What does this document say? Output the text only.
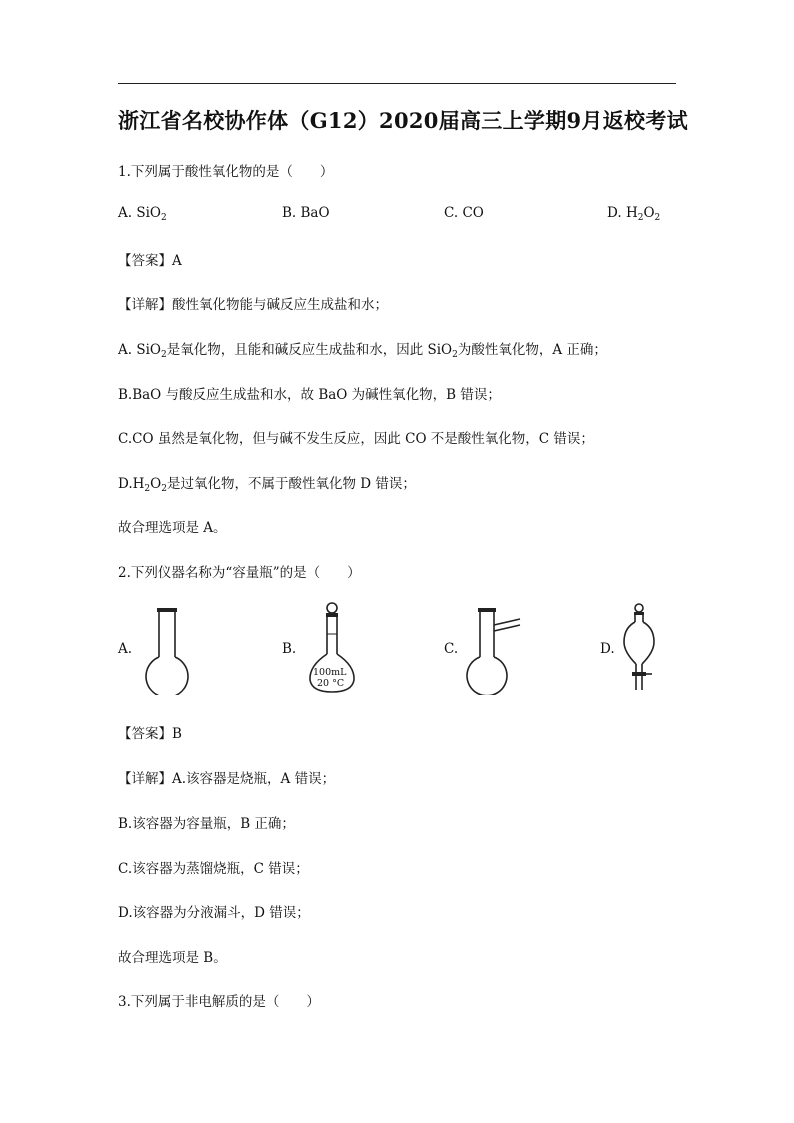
浙江省名校协作体（G12）2020届高三上学期9月返校考试
1.下列属于酸性氧化物的是（　　）
A. SiO$_2$	B. BaO	C. CO	D. $H_2O_2$
【答案】A
【详解】酸性氧化物能与碱反应生成盐和水；
A. SiO$_2$是氧化物，且能和碱反应生成盐和水，因此 SiO$_2$为酸性氧化物，A 正确；
B.BaO 与酸反应生成盐和水，故 BaO 为碱性氧化物，B 错误；
C.CO 虽然是氧化物，但与碱不发生反应，因此 CO 不是酸性氧化物，C 错误；
$D.H_2O_2$是过氧化物，不属于酸性氧化物 D 错误；
故合理选项是 A。
2.下列仪器名称为“容量瓶”的是（　　）
A.	B.
100mL
20 °C
C.	D.
【答案】B
【详解】A.该容器是烧瓶，A 错误；
B.该容器为容量瓶，B 正确；
C.该容器为蒸馏烧瓶，C 错误；
D.该容器为分液漏斗，D 错误；
故合理选项是 B。
3.下列属于非电解质的是（　　）
